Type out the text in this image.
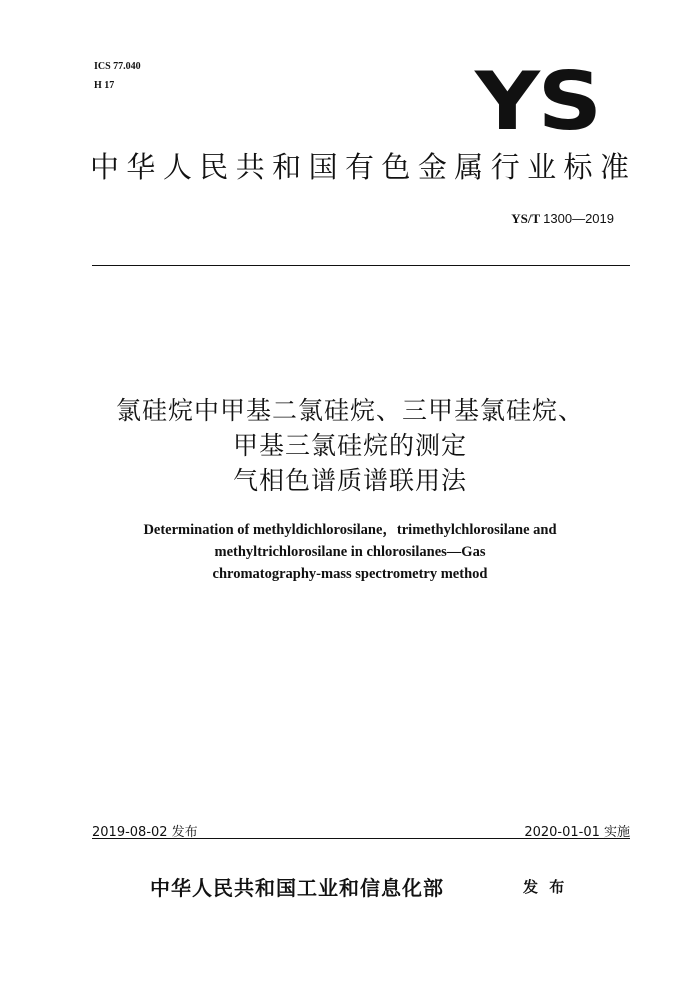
ICS 77.040
H 17	YS
中华人民共和国有色金属行业标准
YS/T 1300—2019
氯硅烷中甲基二氯硅烷、三甲基氯硅烷、
甲基三氯硅烷的测定
气相色谱质谱联用法
Determination of methyldichlorosilane，trimethylchlorosilane and
methyltrichlorosilane in chlorosilanes—Gas
chromatography-mass spectrometry method
2019-08-02 发布	2020-01-01 实施
中华人民共和国工业和信息化部	发 布
